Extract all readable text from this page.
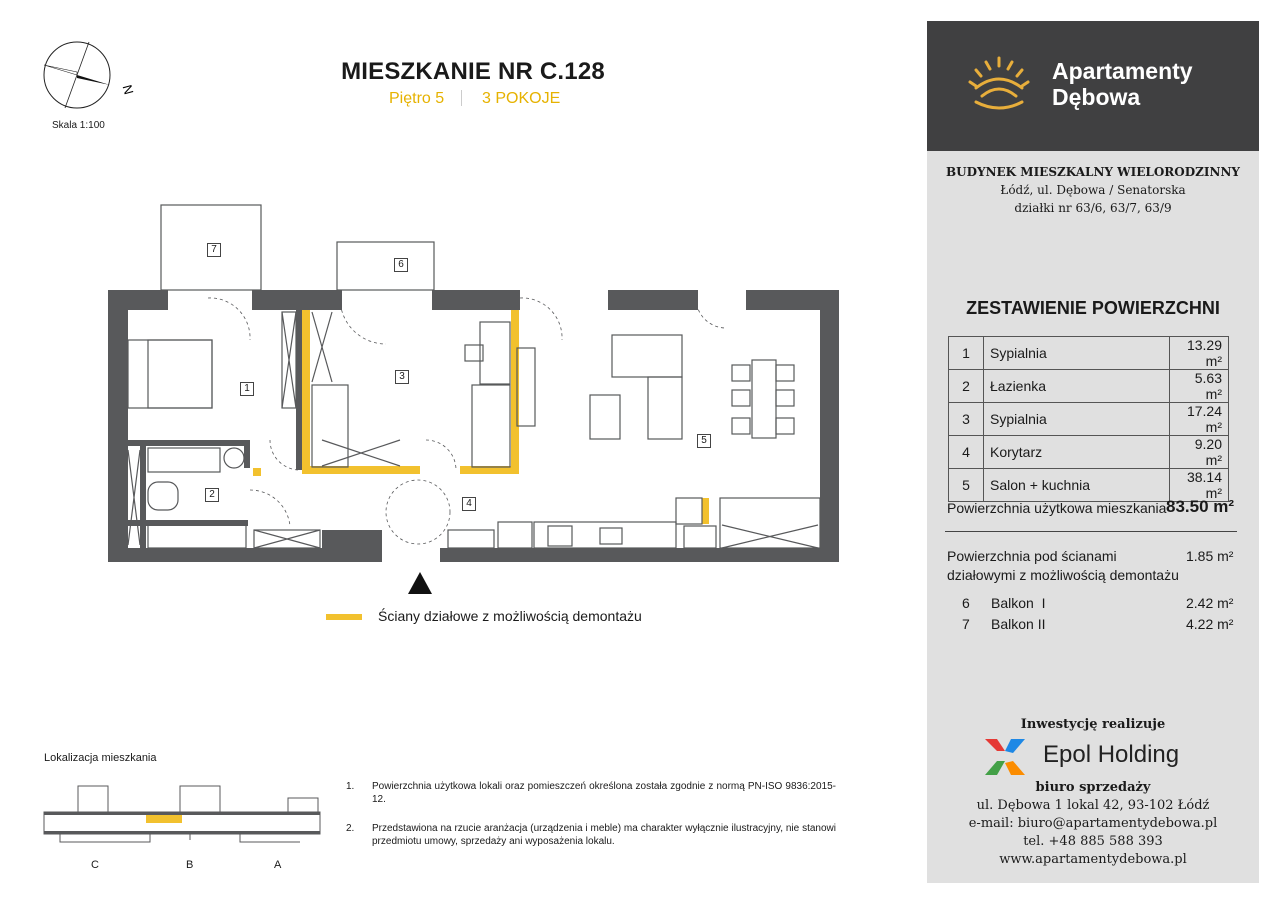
N
Skala 1:100
MIESZKANIE NR C.128
Piętro 5 3 POKOJE
1
2
3
4
5
6
7
Ściany działowe z możliwością demontażu
Lokalizacja mieszkania
C	B	A
1. Powierzchnia użytkowa lokali oraz pomieszczeń określona została zgodnie z normą PN-ISO 9836:2015-12.
2. Przedstawiona na rzucie aranżacja (urządzenia i meble) ma charakter wyłącznie ilustracyjny, nie stanowi przedmiotu umowy, sprzedaży ani wyposażenia lokalu.
Apartamenty
Dębowa
BUDYNEK MIESZKALNY WIELORODZINNY
Łódź, ul. Dębowa / Senatorska
działki nr 63/6, 63/7, 63/9
ZESTAWIENIE POWIERZCHNI
1	Sypialnia	13.29 m²
2	Łazienka	5.63 m²
3	Sypialnia	17.24 m²
4	Korytarz	9.20 m²
5	Salon + kuchnia	38.14 m²
Powierzchnia użytkowa mieszkania 83.50 m²
Powierzchnia pod ścianami
działowymi z możliwością demontażu
1.85 m²
6 Balkon  I	2.42 m²
7 Balkon II	4.22 m²
Inwestycję realizuje
Epol Holding
biuro sprzedaży
ul. Dębowa 1 lokal 42, 93-102 Łódź
e-mail: biuro@apartamentydebowa.pl
tel. +48 885 588 393
www.apartamentydebowa.pl
